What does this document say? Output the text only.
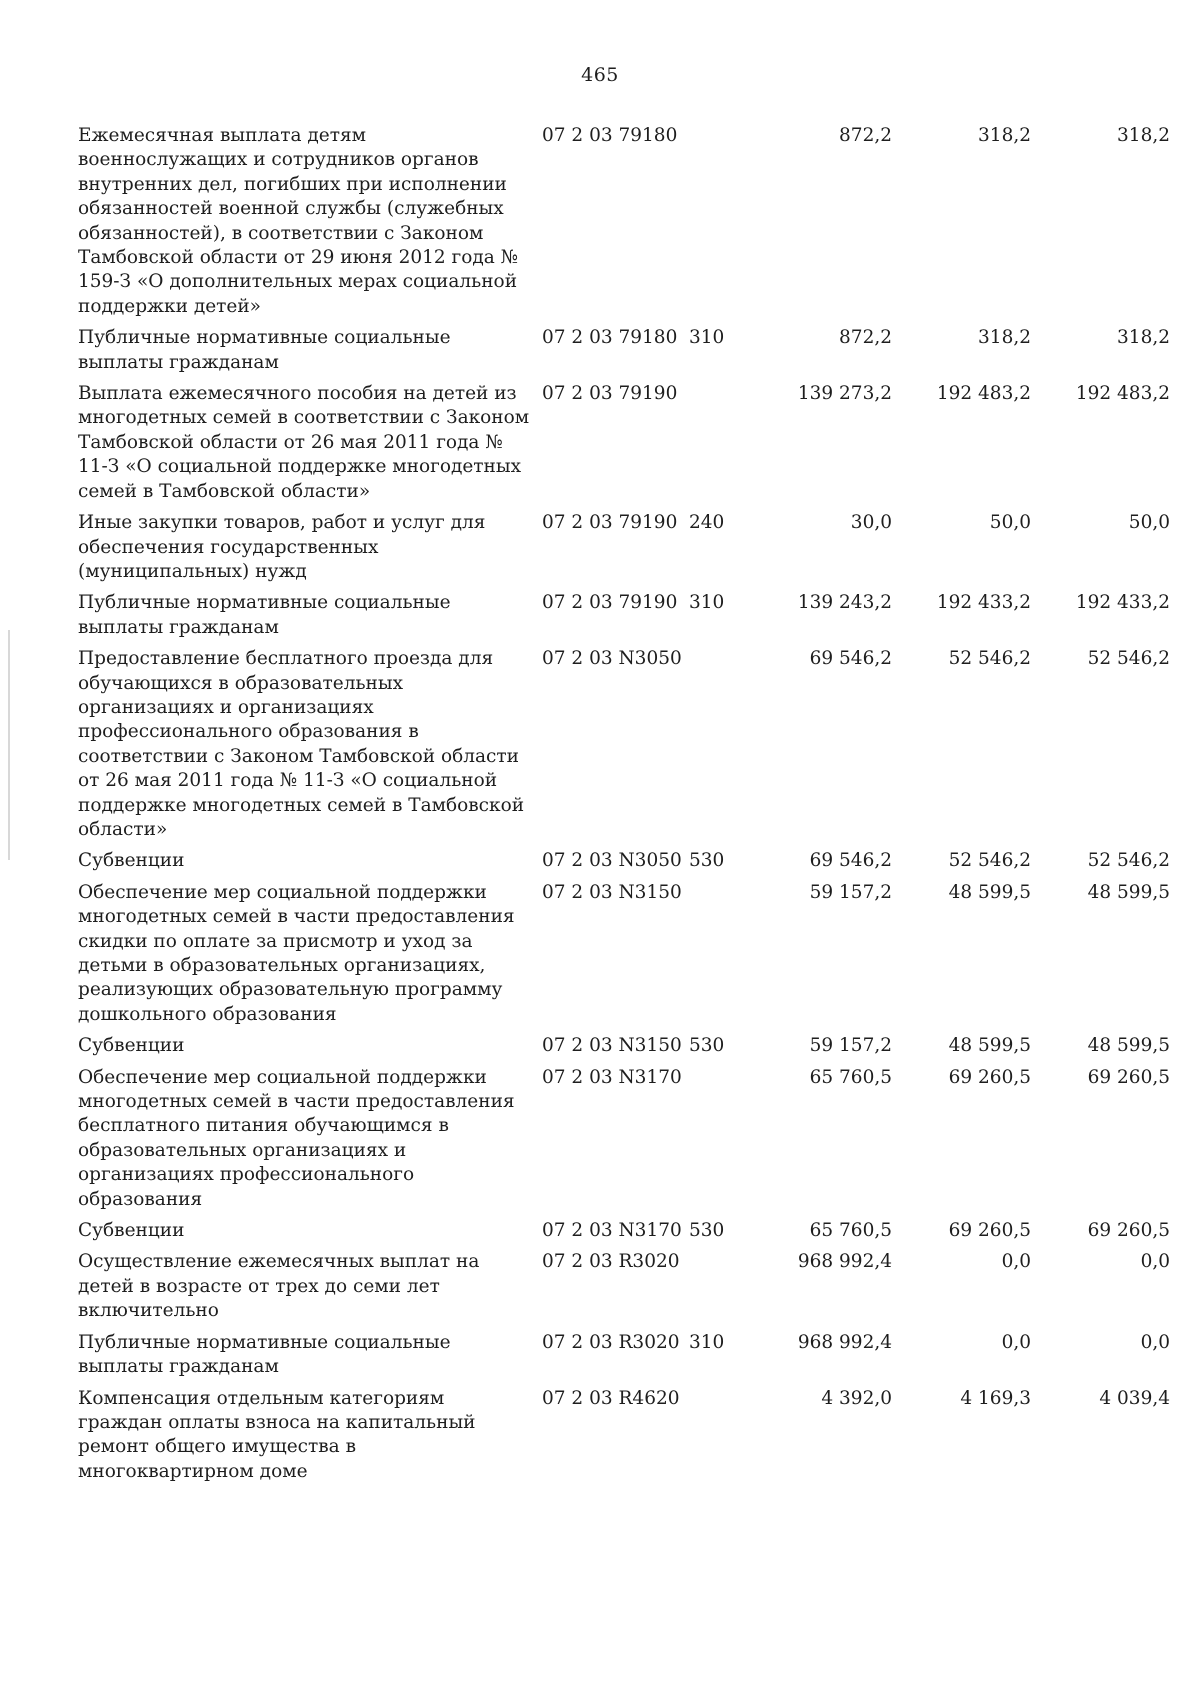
465
Ежемесячная выплата детям военнослужащих и сотрудников органов внутренних дел, погибших при исполнении обязанностей военной службы (служебных обязанностей), в соответствии с Законом Тамбовской области от 29 июня 2012 года № 159-З «О дополнительных мерах социальной поддержки детей»	07 2 03 79180		872,2	318,2	318,2
Публичные нормативные социальные выплаты гражданам	07 2 03 79180	310	872,2	318,2	318,2
Выплата ежемесячного пособия на детей из многодетных семей в соответствии с Законом Тамбовской области от 26 мая 2011 года № 11-З «О социальной поддержке многодетных семей в Тамбовской области»	07 2 03 79190		139 273,2	192 483,2	192 483,2
Иные закупки товаров, работ и услуг для обеспечения государственных (муниципальных) нужд	07 2 03 79190	240	30,0	50,0	50,0
Публичные нормативные социальные выплаты гражданам	07 2 03 79190	310	139 243,2	192 433,2	192 433,2
Предоставление бесплатного проезда для обучающихся в образовательных организациях и организациях профессионального образования в соответствии с Законом Тамбовской области от 26 мая 2011 года № 11-З «О социальной поддержке многодетных семей в Тамбовской области»	07 2 03 N3050		69 546,2	52 546,2	52 546,2
Субвенции	07 2 03 N3050	530	69 546,2	52 546,2	52 546,2
Обеспечение мер социальной поддержки многодетных семей в части предоставления скидки по оплате за присмотр и уход за детьми в образовательных организациях, реализующих образовательную программу дошкольного образования	07 2 03 N3150		59 157,2	48 599,5	48 599,5
Субвенции	07 2 03 N3150	530	59 157,2	48 599,5	48 599,5
Обеспечение мер социальной поддержки многодетных семей в части предоставления бесплатного питания обучающимся в образовательных организациях и организациях профессионального образования	07 2 03 N3170		65 760,5	69 260,5	69 260,5
Субвенции	07 2 03 N3170	530	65 760,5	69 260,5	69 260,5
Осуществление ежемесячных выплат на детей в возрасте от трех до семи лет включительно	07 2 03 R3020		968 992,4	0,0	0,0
Публичные нормативные социальные выплаты гражданам	07 2 03 R3020	310	968 992,4	0,0	0,0
Компенсация отдельным категориям граждан оплаты взноса на капитальный ремонт общего имущества в многоквартирном доме	07 2 03 R4620		4 392,0	4 169,3	4 039,4
